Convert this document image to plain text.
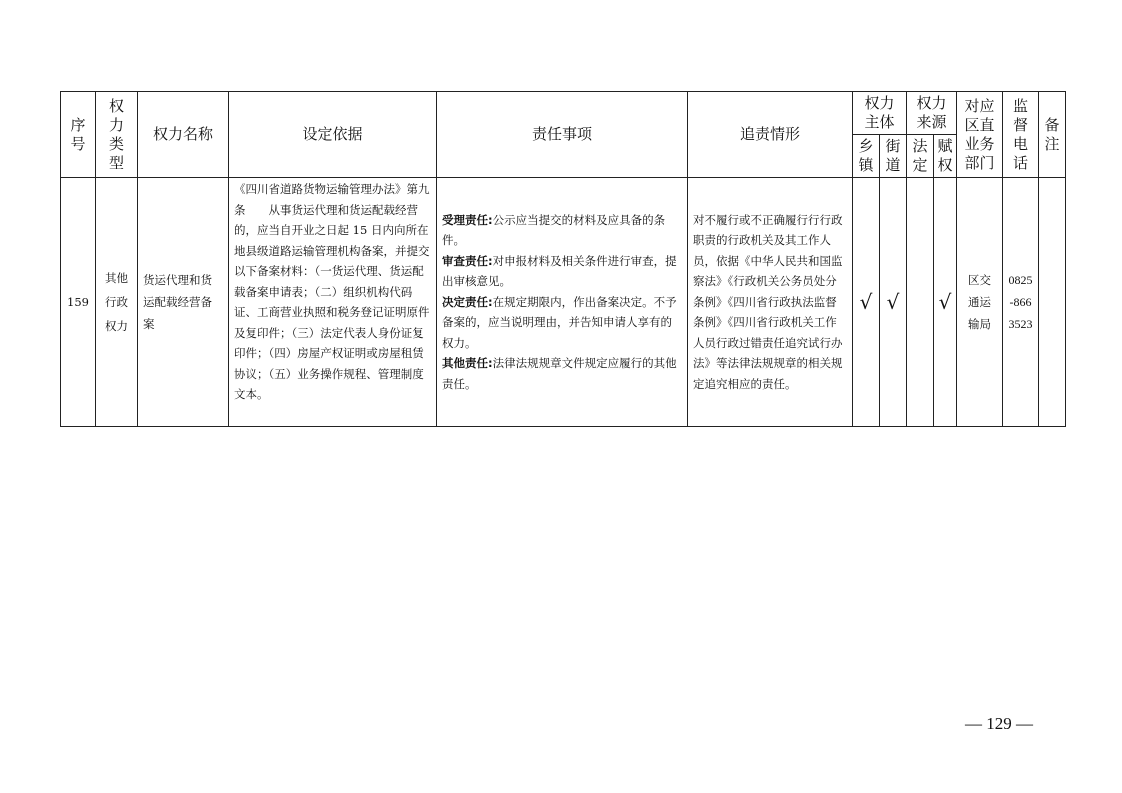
序号	权力类型	权力名称	设定依据	责任事项	追责情形	权力主体		权力来源		对应区直业务部门	监督电话	备注
						乡镇	街道	法定	赋权			
159	其他行政权力	货运代理和货运配载经营备案	《四川省道路货物运输管理办法》第九条　　从事货运代理和货运配载经营的，应当自开业之日起 15 日内向所在地县级道路运输管理机构备案，并提交以下备案材料：（一货运代理、货运配载备案申请表；（二）组织机构代码证、工商营业执照和税务登记证明原件及复印件；（三）法定代表人身份证复印件；（四）房屋产权证明或房屋租赁协议；（五）业务操作规程、管理制度文本。	受理责任:公示应当提交的材料及应具备的条件。

审查责任:对申报材料及相关条件进行审查，提出审核意见。

决定责任:在规定期限内，作出备案决定。不予备案的，应当说明理由，并告知申请人享有的权力。

其他责任:法律法规规章文件规定应履行的其他责任。	对不履行或不正确履行行行政职责的行政机关及其工作人员，依据《中华人民共和国监察法》《行政机关公务员处分条例》《四川省行政执法监督条例》《四川省行政机关工作人员行政过错责任追究试行办法》等法律法规规章的相关规定追究相应的责任。	√	√		√	区交通运输局	0825-8663523	
— 129 —
